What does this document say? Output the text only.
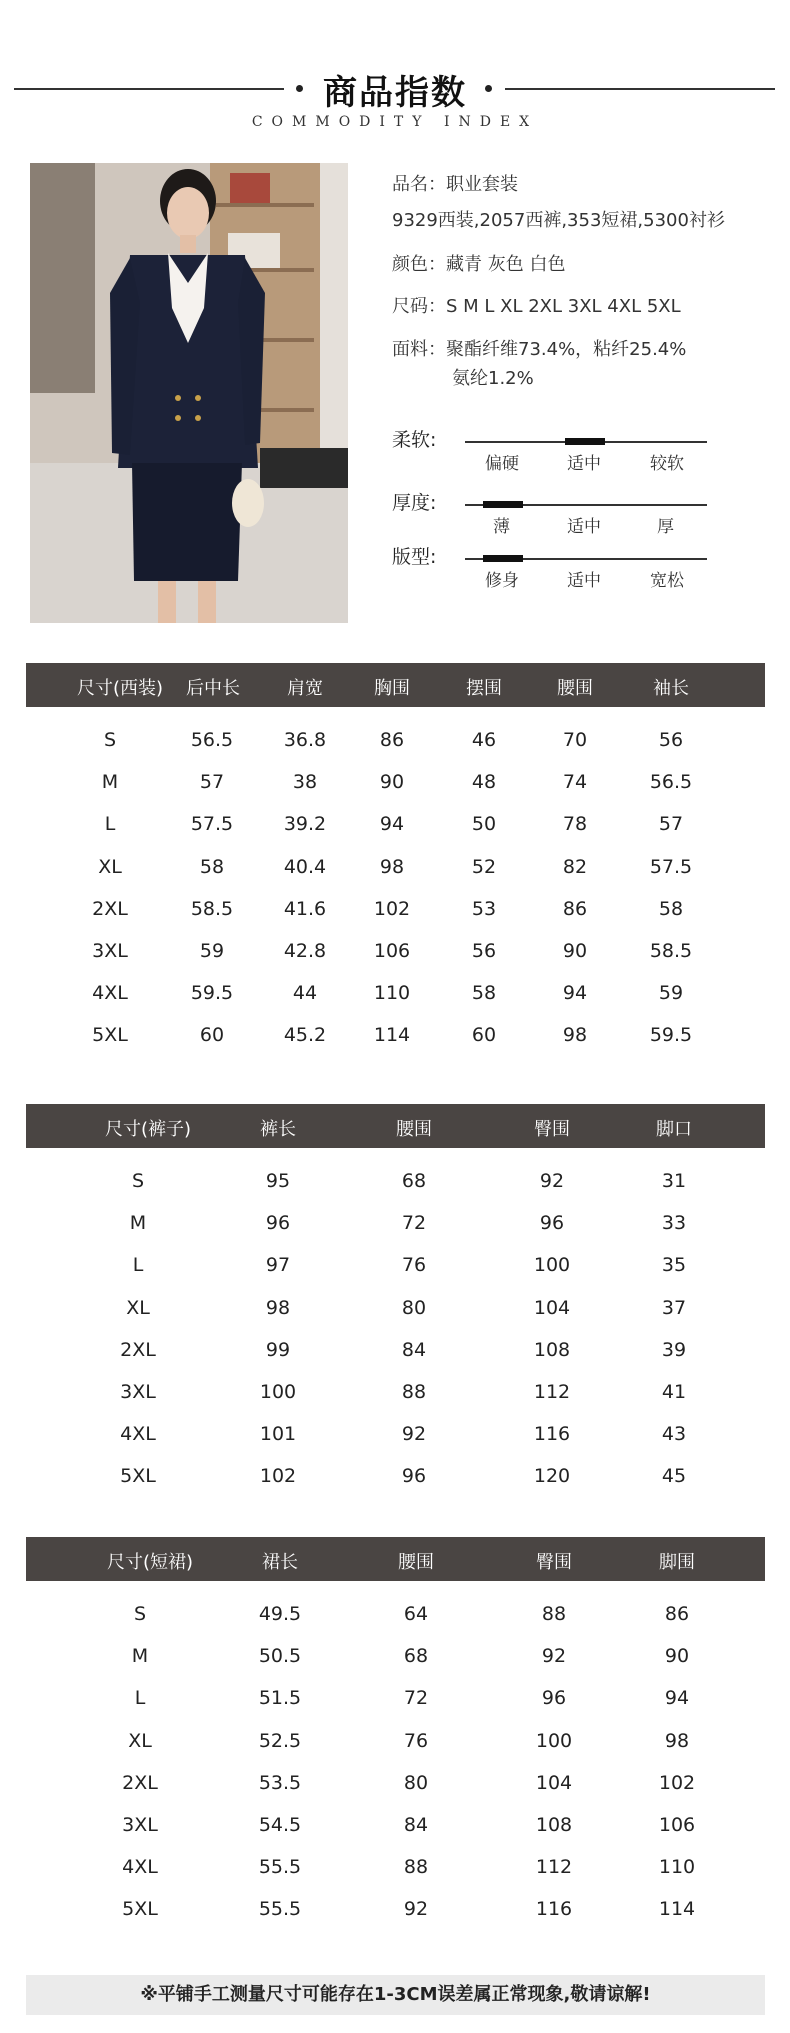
商品指数
COMMODITY INDEX
品名：职业套装
9329西装,2057西裤,353短裙,5300衬衫
颜色：藏青 灰色 白色
尺码：S M L XL 2XL 3XL 4XL 5XL
面料：聚酯纤维73.4%，粘纤25.4%
氨纶1.2%
柔软:
偏硬	适中	较软
厚度:
薄	适中	厚
版型:
修身	适中	宽松
尺寸(西装) 后中长	肩宽	胸围	摆围	腰围	袖长
S	56.5	36.8	86	46	70	56
M	57	38	90	48	74	56.5
L	57.5	39.2	94	50	78	57
XL	58	40.4	98	52	82	57.5
2XL	58.5	41.6	102	53	86	58
3XL	59	42.8	106	56	90	58.5
4XL	59.5	44	110	58	94	59
5XL	60	45.2	114	60	98	59.5
尺寸(裤子)	裤长	腰围	臀围	脚口
S	95	68	92	31
M	96	72	96	33
L	97	76	100	35
XL	98	80	104	37
2XL	99	84	108	39
3XL	100	88	112	41
4XL	101	92	116	43
5XL	102	96	120	45
尺寸(短裙)	裙长	腰围	臀围	脚围
S	49.5	64	88	86
M	50.5	68	92	90
L	51.5	72	96	94
XL	52.5	76	100	98
2XL	53.5	80	104	102
3XL	54.5	84	108	106
4XL	55.5	88	112	110
5XL	55.5	92	116	114
※平铺手工测量尺寸可能存在1-3CM误差属正常现象,敬请谅解!
